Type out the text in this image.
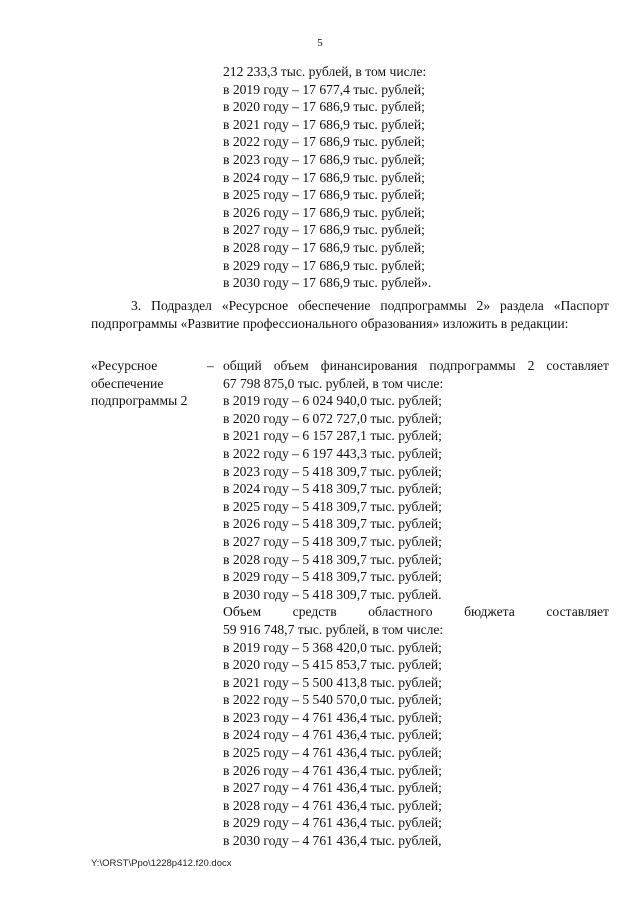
5
212 233,3 тыс. рублей, в том числе:
в 2019 году – 17 677,4 тыс. рублей;
в 2020 году – 17 686,9 тыс. рублей;
в 2021 году – 17 686,9 тыс. рублей;
в 2022 году – 17 686,9 тыс. рублей;
в 2023 году – 17 686,9 тыс. рублей;
в 2024 году – 17 686,9 тыс. рублей;
в 2025 году – 17 686,9 тыс. рублей;
в 2026 году – 17 686,9 тыс. рублей;
в 2027 году – 17 686,9 тыс. рублей;
в 2028 году – 17 686,9 тыс. рублей;
в 2029 году – 17 686,9 тыс. рублей;
в 2030 году – 17 686,9 тыс. рублей».
3. Подраздел «Ресурсное обеспечение подпрограммы 2» раздела «Паспорт
подпрограммы «Развитие профессионального образования» изложить в редакции:
«Ресурсное
обеспечение
подпрограммы 2
– общий объем финансирования подпрограммы 2 составляет
67 798 875,0 тыс. рублей, в том числе:
в 2019 году – 6 024 940,0 тыс. рублей;
в 2020 году – 6 072 727,0 тыс. рублей;
в 2021 году – 6 157 287,1 тыс. рублей;
в 2022 году – 6 197 443,3 тыс. рублей;
в 2023 году – 5 418 309,7 тыс. рублей;
в 2024 году – 5 418 309,7 тыс. рублей;
в 2025 году – 5 418 309,7 тыс. рублей;
в 2026 году – 5 418 309,7 тыс. рублей;
в 2027 году – 5 418 309,7 тыс. рублей;
в 2028 году – 5 418 309,7 тыс. рублей;
в 2029 году – 5 418 309,7 тыс. рублей;
в 2030 году – 5 418 309,7 тыс. рублей.
Объем средств областного бюджета составляет
59 916 748,7 тыс. рублей, в том числе:
в 2019 году – 5 368 420,0 тыс. рублей;
в 2020 году – 5 415 853,7 тыс. рублей;
в 2021 году – 5 500 413,8 тыс. рублей;
в 2022 году – 5 540 570,0 тыс. рублей;
в 2023 году – 4 761 436,4 тыс. рублей;
в 2024 году – 4 761 436,4 тыс. рублей;
в 2025 году – 4 761 436,4 тыс. рублей;
в 2026 году – 4 761 436,4 тыс. рублей;
в 2027 году – 4 761 436,4 тыс. рублей;
в 2028 году – 4 761 436,4 тыс. рублей;
в 2029 году – 4 761 436,4 тыс. рублей;
в 2030 году – 4 761 436,4 тыс. рублей,
Y:\ORST\Ppo\1228p412.f20.docx
